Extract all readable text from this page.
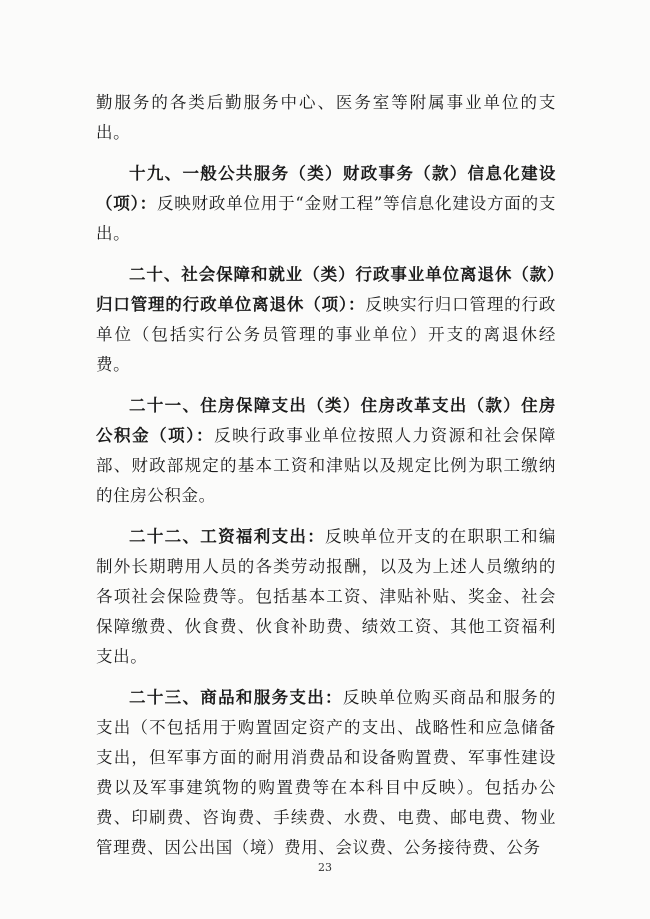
勤服务的各类后勤服务中心、医务室等附属事业单位的支出。

十九、一般公共服务（类）财政事务（款）信息化建设（项）：反映财政单位用于“金财工程”等信息化建设方面的支出。

二十、社会保障和就业（类）行政事业单位离退休（款）归口管理的行政单位离退休（项）：反映实行归口管理的行政单位（包括实行公务员管理的事业单位）开支的离退休经费。

二十一、住房保障支出（类）住房改革支出（款）住房公积金（项）：反映行政事业单位按照人力资源和社会保障部、财政部规定的基本工资和津贴以及规定比例为职工缴纳的住房公积金。

二十二、工资福利支出：反映单位开支的在职职工和编制外长期聘用人员的各类劳动报酬，以及为上述人员缴纳的各项社会保险费等。包括基本工资、津贴补贴、奖金、社会保障缴费、伙食费、伙食补助费、绩效工资、其他工资福利支出。

二十三、商品和服务支出：反映单位购买商品和服务的支出（不包括用于购置固定资产的支出、战略性和应急储备支出，但军事方面的耐用消费品和设备购置费、军事性建设费以及军事建筑物的购置费等在本科目中反映）。包括办公费、印刷费、咨询费、手续费、水费、电费、邮电费、物业管理费、因公出国（境）费用、会议费、公务接待费、公务

23
